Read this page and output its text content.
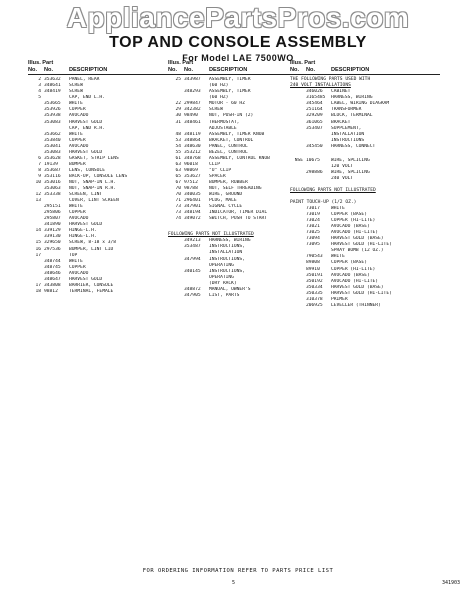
AppliancePartsPros.com
TOP AND CONSOLE ASSEMBLY
For Model LAE 7500WO
Illus. Part
No.	No.	DESCRIPTION
2 353632	PANEL, REAR
3 348641	SCREW
4 348419	SCREW
5	CAP, END L.H.
353665	WHITE
353926	COPPER
353938	AVOCADO
353083	HARVEST GOLD
CAP, END R.H.
353662	WHITE
353840	COPPER
353041	AVOCADO
353083	HARVEST GOLD
6 353628	GASKET, STRIP LENS
7 19139	BUMPER
8 353687	LENS, CONSOLE
9 353116	BACK-UP, CONSOLE LENS
10 353016	NUT, SNAP-IN L.H.
353063	NUT, SNAP-IN R.H.
12 353338	SCREEN, LINT
13	COVER, LINT SCREEN
295151	WHITE
295806	COPPER
295807	AVOCADO
341890	HARVEST GOLD
14 339129	HINGE-L.H.
339130	HINGE-L.H.
15 329650	SCREW, 8-18 x 3/8
16 297536	BUMPER, LINT LID
17	TOP
348744	WHITE
348745	COPPER
348646	AVOCADO
348647	HARVEST GOLD
17 343808	BARRIER, CONSOLE
18 98812	TERMINAL, FEMALE
Illus. Part
No.	No.	DESCRIPTION
25 343987	ASSEMBLY, TIMER
(60 HZ)
348293	ASSEMBLY, TIMER
(60 HZ)
22 299847	MOTOR - 60 HZ
29 342382	SCREW
30 98490	NUT, PUSH-IN (2)
31 348461	THERMOSTAT,
ADJUSTABLE
48 348119	ASSEMBLY, TIMER KNOB
53 348864	BRACKET, CONTROL
54 348630	PANEL, CONTROL
55 353212	BEZEL, CONTROL
61 348768	ASSEMBLY, CONTROL KNOB
63 96018	CLIP
63 98069	"U" CLIP
65 353627	SPACER
67 97512	BUMPER, RUBBER
70 98788	NUT, SELF THREADING
70 340035	WIRE, GROUND
71 296401	PLUG, MALE
73 347901	SIGNAL CYCLE
73 348194	INDICATOR, TIMER DIAL
74 349072	SWITCH, PUSH TO START
FOLLOWING PARTS NOT ILLUSTRATED
349213	HARNESS, WIRING
353487	INSTRUCTIONS,
INSTALLATION
347994	INSTRUCTIONS,
OPERATING
340145	INSTRUCTIONS,
OPERATING
(DRY RACK)
348872	MANUAL, OWNER'S
347905	LIST, PARTS
Illus. Part
No.	No.	DESCRIPTION
THE FOLLOWING PARTS USED WITH
240 VOLT INSTALLATIONS
346026	CABINET
3165485	HARNESS, WIRING
345464	LABEL, WIRING DIAGRAM
251164	TRANSFORMER
329209	BLOCK, TERMINAL
361065	BRACKET
353407	SUPPLEMENT,
INSTALLATION
INSTRUCTIONS
345450	HARNESS, CONNECT
NSE 10675	WIRE, SPLICING
120 VOLT
298886	WIRE, SPLICING
240 VOLT
FOLLOWING PARTS NOT ILLUSTRATED
PAINT TOUCH-UP (1/2 OZ.)
73017	WHITE
73019	COPPER (BASE)
73024	COPPER (HI-LITE)
73021	AVOCADO (BASE)
73025	AVOCADO (HI-LITE)
73094	HARVEST GOLD (BASE)
73095	HARVEST GOLD (HI-LITE)
SPRAY BOMB (12 OZ.)
790543	WHITE
89808	COPPER (BASE)
89910	COPPER (HI-LITE)
350191	AVOCADO (BASE)
350192	AVOCADO (HI-LITE)
350334	HARVEST GOLD (BASE)
350335	HARVEST GOLD (HI-LITE)
310378	PRIMER
206925	LEVELLER (THINNER)
FOR ORDERING INFORMATION REFER TO PARTS PRICE LIST
5	341903
